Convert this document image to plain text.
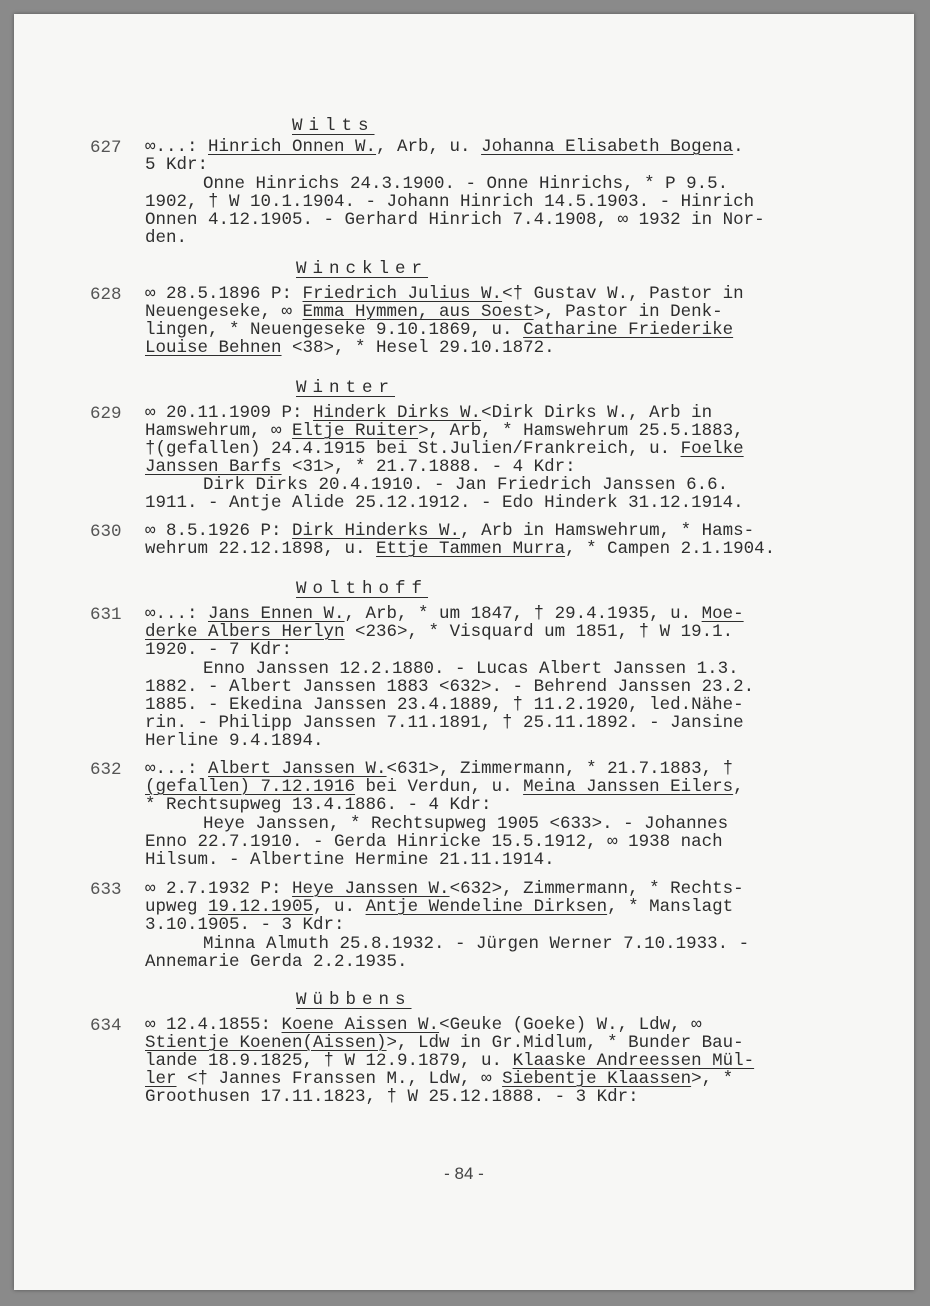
Wilts
627 ∞...: Hinrich Onnen W., Arb, u. Johanna Elisabeth Bogena.
5 Kdr:
Onne Hinrichs 24.3.1900. - Onne Hinrichs, * P 9.5.
1902, † W 10.1.1904. - Johann Hinrich 14.5.1903. - Hinrich
Onnen 4.12.1905. - Gerhard Hinrich 7.4.1908, ∞ 1932 in Nor-
den.
Winckler
628 ∞ 28.5.1896 P: Friedrich Julius W.<† Gustav W., Pastor in
Neuengeseke, ∞ Emma Hymmen, aus Soest>, Pastor in Denk-
lingen, * Neuengeseke 9.10.1869, u. Catharine Friederike
Louise Behnen <38>, * Hesel 29.10.1872.
Winter
629 ∞ 20.11.1909 P: Hinderk Dirks W.<Dirk Dirks W., Arb in
Hamswehrum, ∞ Eltje Ruiter>, Arb, * Hamswehrum 25.5.1883,
†(gefallen) 24.4.1915 bei St.Julien/Frankreich, u. Foelke
Janssen Barfs <31>, * 21.7.1888. - 4 Kdr:
Dirk Dirks 20.4.1910. - Jan Friedrich Janssen 6.6.
1911. - Antje Alide 25.12.1912. - Edo Hinderk 31.12.1914.
630 ∞ 8.5.1926 P: Dirk Hinderks W., Arb in Hamswehrum, * Hams-
wehrum 22.12.1898, u. Ettje Tammen Murra, * Campen 2.1.1904.
Wolthoff
631 ∞...: Jans Ennen W., Arb, * um 1847, † 29.4.1935, u. Moe-
derke Albers Herlyn <236>, * Visquard um 1851, † W 19.1.
1920. - 7 Kdr:
Enno Janssen 12.2.1880. - Lucas Albert Janssen 1.3.
1882. - Albert Janssen 1883 <632>. - Behrend Janssen 23.2.
1885. - Ekedina Janssen 23.4.1889, † 11.2.1920, led.Nähe-
rin. - Philipp Janssen 7.11.1891, † 25.11.1892. - Jansine
Herline 9.4.1894.
632 ∞...: Albert Janssen W.<631>, Zimmermann, * 21.7.1883, †
(gefallen) 7.12.1916 bei Verdun, u. Meina Janssen Eilers,
* Rechtsupweg 13.4.1886. - 4 Kdr:
Heye Janssen, * Rechtsupweg 1905 <633>. - Johannes
Enno 22.7.1910. - Gerda Hinricke 15.5.1912, ∞ 1938 nach
Hilsum. - Albertine Hermine 21.11.1914.
633 ∞ 2.7.1932 P: Heye Janssen W.<632>, Zimmermann, * Rechts-
upweg 19.12.1905, u. Antje Wendeline Dirksen, * Manslagt
3.10.1905. - 3 Kdr:
Minna Almuth 25.8.1932. - Jürgen Werner 7.10.1933. -
Annemarie Gerda 2.2.1935.
Wübbens
634 ∞ 12.4.1855: Koene Aissen W.<Geuke (Goeke) W., Ldw, ∞
Stientje Koenen(Aissen)>, Ldw in Gr.Midlum, * Bunder Bau-
lande 18.9.1825, † W 12.9.1879, u. Klaaske Andreessen Mül-
ler <† Jannes Franssen M., Ldw, ∞ Siebentje Klaassen>, *
Groothusen 17.11.1823, † W 25.12.1888. - 3 Kdr:
- 84 -
